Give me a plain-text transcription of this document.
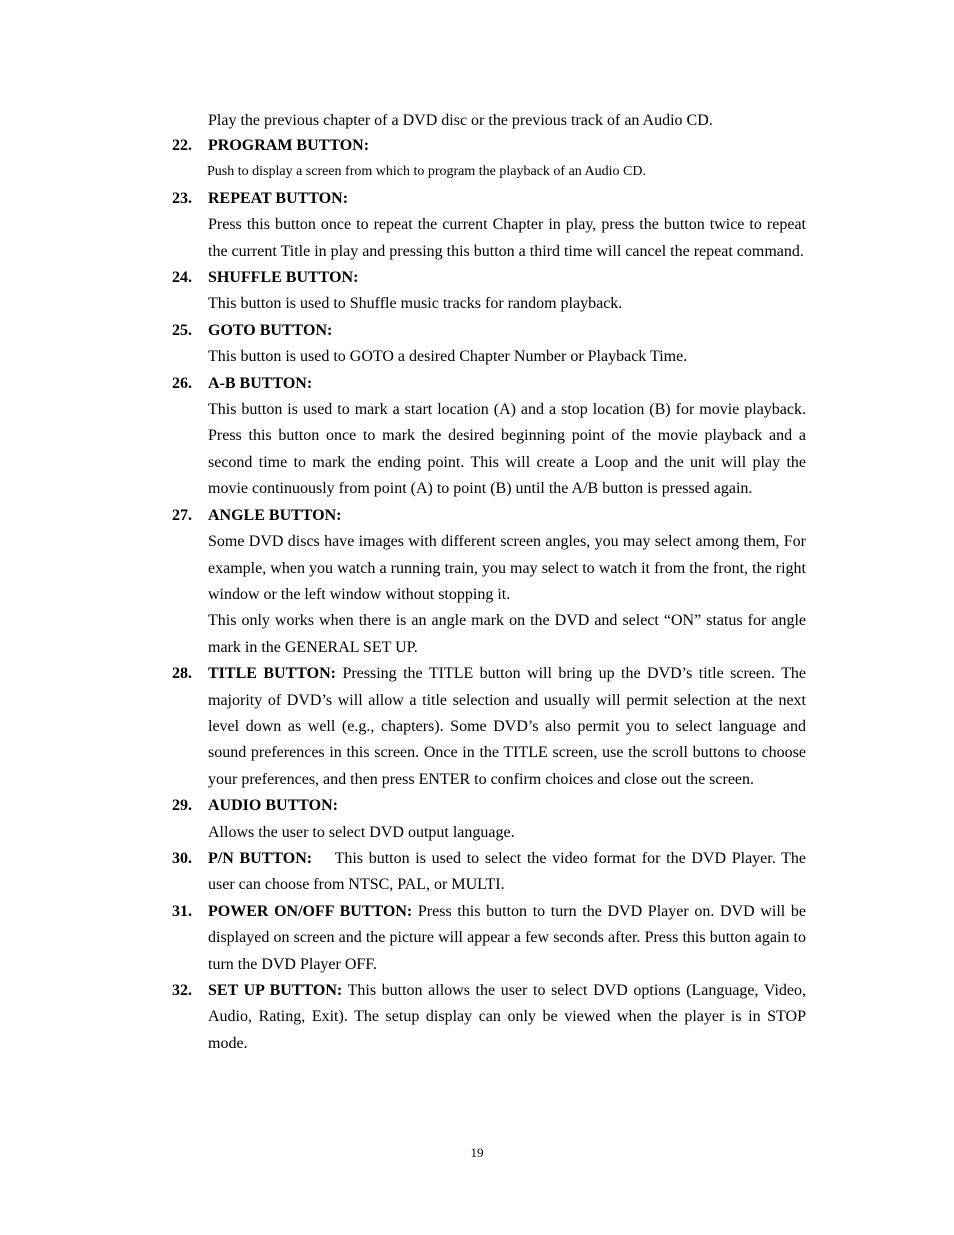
Play the previous chapter of a DVD disc or the previous track of an Audio CD.
22. PROGRAM BUTTON:
Push to display a screen from which to program the playback of an Audio CD.
23. REPEAT BUTTON:
Press this button once to repeat the current Chapter in play, press the button twice to repeat the current Title in play and pressing this button a third time will cancel the repeat command.
24. SHUFFLE BUTTON:
This button is used to Shuffle music tracks for random playback.
25. GOTO BUTTON:
This button is used to GOTO a desired Chapter Number or Playback Time.
26. A-B BUTTON:
This button is used to mark a start location (A) and a stop location (B) for movie playback. Press this button once to mark the desired beginning point of the movie playback and a second time to mark the ending point. This will create a Loop and the unit will play the movie continuously from point (A) to point (B) until the A/B button is pressed again.
27. ANGLE BUTTON:
Some DVD discs have images with different screen angles, you may select among them, For example, when you watch a running train, you may select to watch it from the front, the right window or the left window without stopping it.
This only works when there is an angle mark on the DVD and select “ON” status for angle mark in the GENERAL SET UP.
28. TITLE BUTTON: Pressing the TITLE button will bring up the DVD’s title screen. The majority of DVD’s will allow a title selection and usually will permit selection at the next level down as well (e.g., chapters). Some DVD’s also permit you to select language and sound preferences in this screen. Once in the TITLE screen, use the scroll buttons to choose your preferences, and then press ENTER to confirm choices and close out the screen.
29. AUDIO BUTTON:
Allows the user to select DVD output language.
30. P/N BUTTON:    This button is used to select the video format for the DVD Player. The user can choose from NTSC, PAL, or MULTI.
31. POWER ON/OFF BUTTON: Press this button to turn the DVD Player on. DVD will be displayed on screen and the picture will appear a few seconds after. Press this button again to turn the DVD Player OFF.
32. SET UP BUTTON: This button allows the user to select DVD options (Language, Video, Audio, Rating, Exit). The setup display can only be viewed when the player is in STOP mode.
19
